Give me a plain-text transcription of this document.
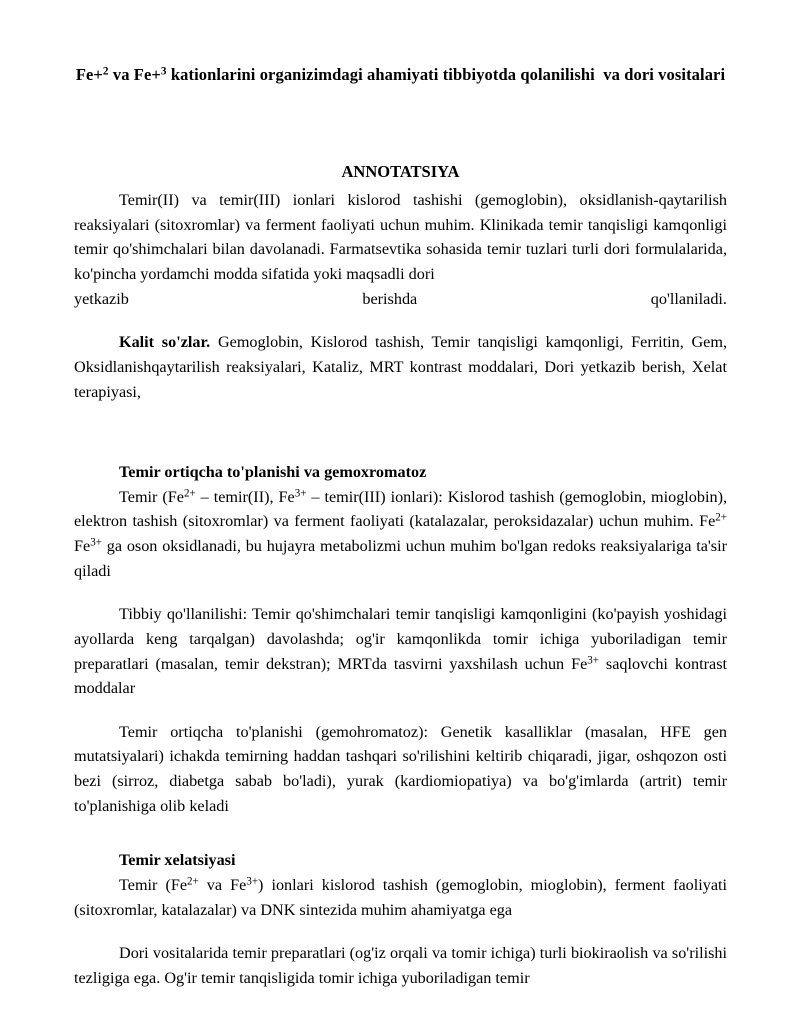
Fe+$^2$ va Fe+$^3$ kationlarini organizimdagi ahamiyati tibbiyotda qolanilishi  va dori vositalari
ANNOTATSIYA

Temir(II) va temir(III) ionlari kislorod tashishi (gemoglobin), oksidlanish-qaytarilish reaksiyalari (sitoxromlar) va ferment faoliyati uchun muhim. Klinikada temir tanqisligi kamqonligi temir qo'shimchalari bilan davolanadi. Farmatsevtika sohasida temir tuzlari turli dori formulalarida, ko'pincha yordamchi modda sifatida yoki maqsadli dori

yetkazib	berishda	qo'llaniladi.

Kalit so'zlar. Gemoglobin, Kislorod tashish, Temir tanqisligi kamqonligi, Ferritin, Gem, Oksidlanishqaytarilish reaksiyalari, Kataliz, MRT kontrast moddalari, Dori yetkazib berish, Xelat terapiyasi,

Temir ortiqcha to'planishi va gemoxromatoz

Temir ($Fe^{2+}$ – temir(II), $Fe^{3+}$ – temir(III) ionlari): Kislorod tashish (gemoglobin, mioglobin), elektron tashish (sitoxromlar) va ferment faoliyati (katalazalar, peroksidazalar) uchun muhim. $Fe^{2+}$ $Fe^{3+}$ ga oson oksidlanadi, bu hujayra metabolizmi uchun muhim bo'lgan redoks reaksiyalariga ta'sir qiladi

Tibbiy qo'llanilishi: Temir qo'shimchalari temir tanqisligi kamqonligini (ko'payish yoshidagi ayollarda keng tarqalgan) davolashda; og'ir kamqonlikda tomir ichiga yuboriladigan temir preparatlari (masalan, temir dekstran); MRTda tasvirni yaxshilash uchun $Fe^{3+}$ saqlovchi kontrast moddalar

Temir ortiqcha to'planishi (gemohromatoz): Genetik kasalliklar (masalan, HFE gen mutatsiyalari) ichakda temirning haddan tashqari so'rilishini keltirib chiqaradi, jigar, oshqozon osti bezi (sirroz, diabetga sabab bo'ladi), yurak (kardiomiopatiya) va bo'g'imlarda (artrit) temir to'planishiga olib keladi

Temir xelatsiyasi

Temir ($Fe^{2+}$ va $Fe^{3+}$) ionlari kislorod tashish (gemoglobin, mioglobin), ferment faoliyati (sitoxromlar, katalazalar) va DNK sintezida muhim ahamiyatga ega

Dori vositalarida temir preparatlari (og'iz orqali va tomir ichiga) turli biokiraolish va so'rilishi tezligiga ega. Og'ir temir tanqisligida tomir ichiga yuboriladigan temir
